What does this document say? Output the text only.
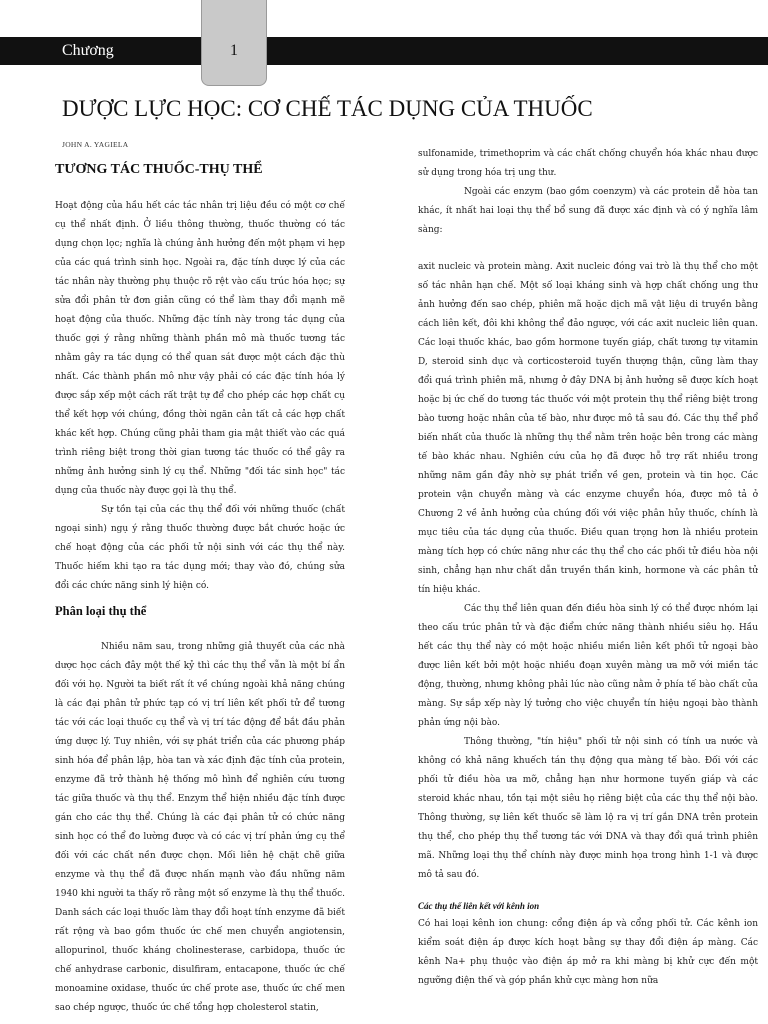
Chương	1
DƯỢC LỰC HỌC: CƠ CHẾ TÁC DỤNG CỦA THUỐC
JOHN A. YAGIELA
TƯƠNG TÁC THUỐC-THỤ THỂ

Hoạt động của hầu hết các tác nhân trị liệu đều có một cơ chế cụ thể nhất định. Ở liều thông thường, thuốc thường có tác dụng chọn lọc; nghĩa là chúng ảnh hưởng đến một phạm vi hẹp của các quá trình sinh học. Ngoài ra, đặc tính dược lý của các tác nhân này thường phụ thuộc rõ rệt vào cấu trúc hóa học; sự sửa đổi phân tử đơn giản cũng có thể làm thay đổi mạnh mẽ hoạt động của thuốc. Những đặc tính này trong tác dụng của thuốc gợi ý rằng những thành phần mô mà thuốc tương tác nhằm gây ra tác dụng có thể quan sát được một cách đặc thù nhất. Các thành phần mô như vậy phải có các đặc tính hóa lý được sắp xếp một cách rất trật tự để cho phép các hợp chất cụ thể kết hợp với chúng, đồng thời ngăn cản tất cả các hợp chất khác kết hợp. Chúng cũng phải tham gia mật thiết vào các quá trình riêng biệt trong thời gian tương tác thuốc có thể gây ra những ảnh hưởng sinh lý cụ thể. Những "đối tác sinh học" tác dụng của thuốc này được gọi là thụ thể.

Sự tồn tại của các thụ thể đối với những thuốc (chất ngoại sinh) ngụ ý rằng thuốc thường được bắt chước hoặc ức chế hoạt động của các phối tử nội sinh với các thụ thể này. Thuốc hiếm khi tạo ra tác dụng mới; thay vào đó, chúng sửa đổi các chức năng sinh lý hiện có.

Phân loại thụ thể

Nhiều năm sau, trong những giả thuyết của các nhà dược học cách đây một thế kỷ thì các thụ thể vẫn là một bí ẩn đối với họ. Người ta biết rất ít về chúng ngoài khả năng chúng là các đại phân tử phức tạp có vị trí liên kết phối tử để tương tác với các loại thuốc cụ thể và vị trí tác động để bắt đầu phản ứng dược lý. Tuy nhiên, với sự phát triển của các phương pháp sinh hóa để phân lập, hòa tan và xác định đặc tính của protein, enzyme đã trở thành hệ thống mô hình để nghiên cứu tương tác giữa thuốc và thụ thể. Enzym thể hiện nhiều đặc tính được gán cho các thụ thể. Chúng là các đại phân tử có chức năng sinh học có thể đo lường được và có các vị trí phản ứng cụ thể đối với các chất nền được chọn. Mối liên hệ chặt chẽ giữa enzyme và thụ thể đã được nhấn mạnh vào đầu những năm 1940 khi người ta thấy rõ rằng một số enzyme là thụ thể thuốc. Danh sách các loại thuốc làm thay đổi hoạt tính enzyme đã biết rất rộng và bao gồm thuốc ức chế men chuyển angiotensin, allopurinol, thuốc kháng cholinesterase, carbidopa, thuốc ức chế anhydrase carbonic, disulfiram, entacapone, thuốc ức chế monoamine oxidase, thuốc ức chế prote ase, thuốc ức chế men sao chép ngược, thuốc ức chế tổng hợp cholesterol statin,

sulfonamide, trimethoprim và các chất chống chuyển hóa khác nhau được sử dụng trong hóa trị ung thư.

Ngoài các enzym (bao gồm coenzym) và các protein dễ hòa tan khác, ít nhất hai loại thụ thể bổ sung đã được xác định và có ý nghĩa lâm sàng:

axit nucleic và protein màng. Axit nucleic đóng vai trò là thụ thể cho một số tác nhân hạn chế. Một số loại kháng sinh và hợp chất chống ung thư ảnh hưởng đến sao chép, phiên mã hoặc dịch mã vật liệu di truyền bằng cách liên kết, đôi khi không thể đảo ngược, với các axit nucleic liên quan. Các loại thuốc khác, bao gồm hormone tuyến giáp, chất tương tự vitamin D, steroid sinh dục và corticosteroid tuyến thượng thận, cũng làm thay đổi quá trình phiên mã, nhưng ở đây DNA bị ảnh hưởng sẽ được kích hoạt hoặc bị ức chế do tương tác thuốc với một protein thụ thể riêng biệt trong bào tương hoặc nhân của tế bào, như được mô tả sau đó. Các thụ thể phổ biến nhất của thuốc là những thụ thể nằm trên hoặc bên trong các màng tế bào khác nhau. Nghiên cứu của họ đã được hỗ trợ rất nhiều trong những năm gần đây nhờ sự phát triển về gen, protein và tin học. Các protein vận chuyển màng và các enzyme chuyển hóa, được mô tả ở Chương 2 về ảnh hưởng của chúng đối với việc phân hủy thuốc, chính là mục tiêu của tác dụng của thuốc. Điều quan trọng hơn là nhiều protein màng tích hợp có chức năng như các thụ thể cho các phối tử điều hòa nội sinh, chẳng hạn như chất dẫn truyền thần kinh, hormone và các phân tử tín hiệu khác.

Các thụ thể liên quan đến điều hòa sinh lý có thể được nhóm lại theo cấu trúc phân tử và đặc điểm chức năng thành nhiều siêu họ. Hầu hết các thụ thể này có một hoặc nhiều miền liên kết phối tử ngoại bào được liên kết bởi một hoặc nhiều đoạn xuyên màng ưa mỡ với miền tác động, thường, nhưng không phải lúc nào cũng nằm ở phía tế bào chất của màng. Sự sắp xếp này lý tưởng cho việc chuyển tín hiệu ngoại bào thành phản ứng nội bào.

Thông thường, "tín hiệu" phối tử nội sinh có tính ưa nước và không có khả năng khuếch tán thụ động qua màng tế bào. Đối với các phối tử điều hòa ưa mỡ, chẳng hạn như hormone tuyến giáp và các steroid khác nhau, tồn tại một siêu họ riêng biệt của các thụ thể nội bào. Thông thường, sự liên kết thuốc sẽ làm lộ ra vị trí gắn DNA trên protein thụ thể, cho phép thụ thể tương tác với DNA và thay đổi quá trình phiên mã. Những loại thụ thể chính này được minh họa trong hình 1-1 và được mô tả sau đó.

Các thụ thể liên kết với kênh ion

Có hai loại kênh ion chung: cổng điện áp và cổng phối tử. Các kênh ion kiểm soát điện áp được kích hoạt bằng sự thay đổi điện áp màng. Các kênh Na+ phụ thuộc vào điện áp mở ra khi màng bị khử cực đến một ngưỡng điện thế và góp phần khử cực màng hơn nữa
